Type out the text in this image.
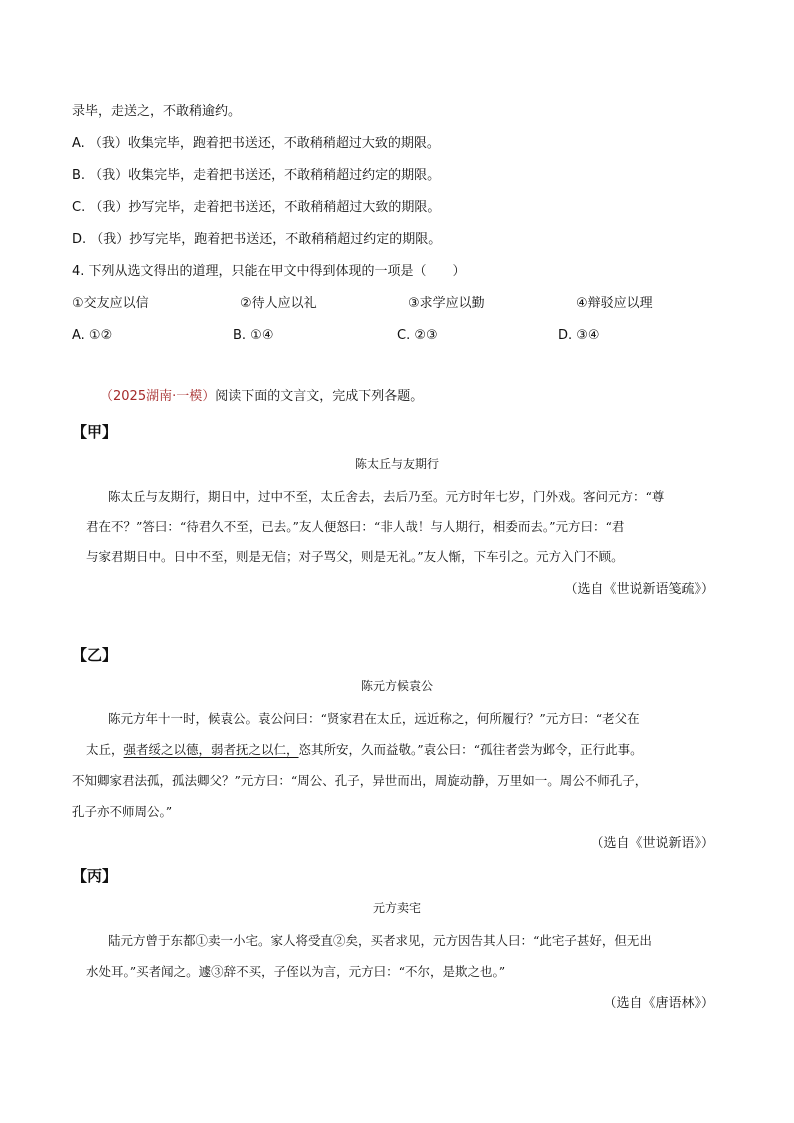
录毕，走送之，不敢稍逾约。
A. （我）收集完毕，跑着把书送还，不敢稍稍超过大致的期限。
B. （我）收集完毕，走着把书送还，不敢稍稍超过约定的期限。
C. （我）抄写完毕，走着把书送还，不敢稍稍超过大致的期限。
D. （我）抄写完毕，跑着把书送还，不敢稍稍超过约定的期限。
4. 下列从选文得出的道理，只能在甲文中得到体现的一项是（　　）
①交友应以信	②待人应以礼	③求学应以勤	④辩驳应以理
A. ①②	B. ①④	C. ②③	D. ③④
（2025湖南·一模）阅读下面的文言文，完成下列各题。
【甲】
陈太丘与友期行
陈太丘与友期行，期日中，过中不至，太丘舍去，去后乃至。元方时年七岁，门外戏。客问元方：“尊
君在不？”答曰：“待君久不至，已去。”友人便怒曰：“非人哉！与人期行，相委而去。”元方曰：“君
与家君期日中。日中不至，则是无信；对子骂父，则是无礼。”友人惭，下车引之。元方入门不顾。
（选自《世说新语笺疏》）
【乙】
陈元方候袁公
陈元方年十一时，候袁公。袁公问曰：“贤家君在太丘，远近称之，何所履行？”元方曰：“老父在
太丘，强者绥之以德，弱者抚之以仁，恣其所安，久而益敬。”袁公曰：“孤往者尝为邺令，正行此事。
不知卿家君法孤，孤法卿父？”元方曰：“周公、孔子，异世而出，周旋动静，万里如一。周公不师孔子，
孔子亦不师周公。”
（选自《世说新语》）
【丙】
元方卖宅
陆元方曾于东都①卖一小宅。家人将受直②矣，买者求见，元方因告其人曰：“此宅子甚好，但无出
水处耳。”买者闻之。遽③辞不买，子侄以为言，元方曰：“不尔，是欺之也。”
（选自《唐语林》）
